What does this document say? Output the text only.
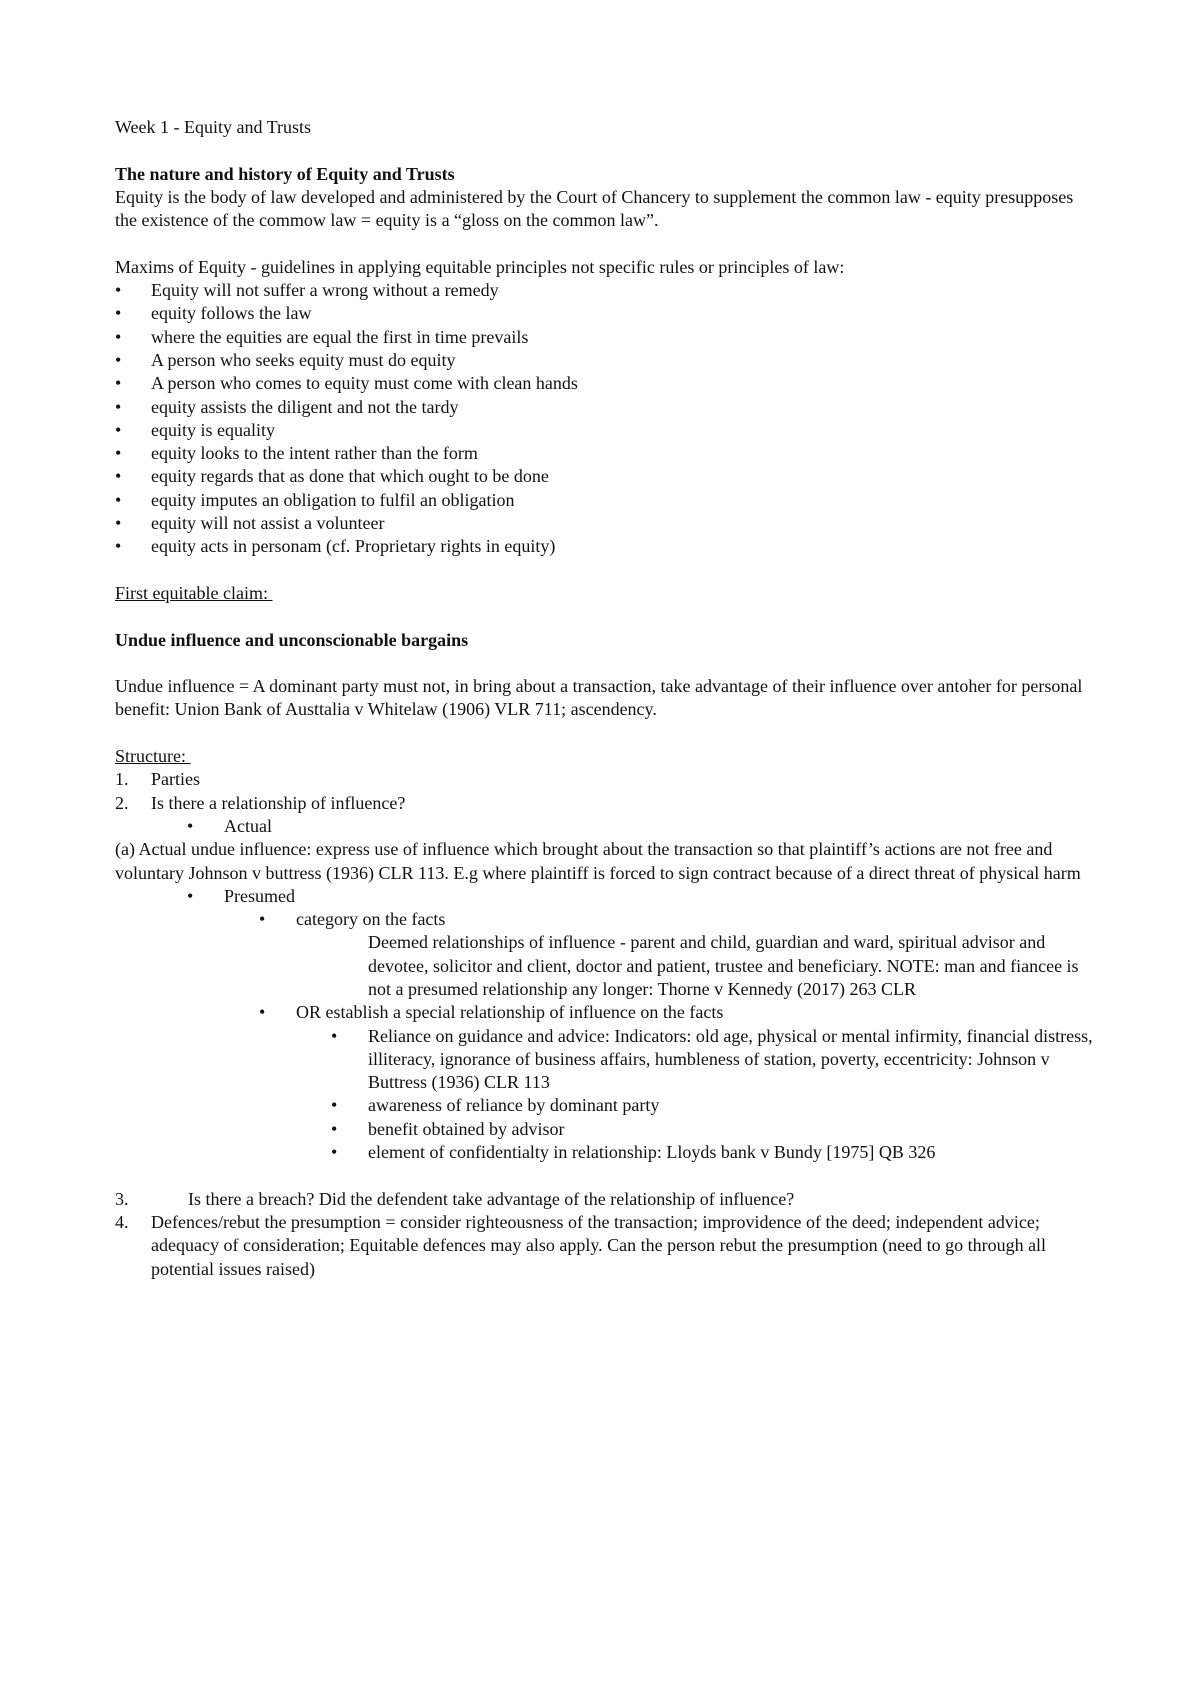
Week 1 - Equity and Trusts

The nature and history of Equity and Trusts

Equity is the body of law developed and administered by the Court of Chancery to supplement the common law - equity presupposes the existence of the commow law = equity is a “gloss on the common law”.

Maxims of Equity - guidelines in applying equitable principles not specific rules or principles of law:

• Equity will not suffer a wrong without a remedy
• equity follows the law
• where the equities are equal the first in time prevails
• A person who seeks equity must do equity
• A person who comes to equity must come with clean hands
• equity assists the diligent and not the tardy
• equity is equality
• equity looks to the intent rather than the form
• equity regards that as done that which ought to be done
• equity imputes an obligation to fulfil an obligation
• equity will not assist a volunteer
• equity acts in personam (cf. Proprietary rights in equity)

First equitable claim:

Undue influence and unconscionable bargains

Undue influence = A dominant party must not, in bring about a transaction, take advantage of their influence over antoher for personal benefit: Union Bank of Austtalia v Whitelaw (1906) VLR 711; ascendency.

Structure:

1. Parties
2. Is there a relationship of influence?
• Actual

(a) Actual undue influence: express use of influence which brought about the transaction so that plaintiff’s actions are not free and voluntary Johnson v buttress (1936) CLR 113. E.g where plaintiff is forced to sign contract because of a direct threat of physical harm

• Presumed
• category on the facts

Deemed relationships of influence - parent and child, guardian and ward, spiritual advisor and devotee, solicitor and client, doctor and patient, trustee and beneficiary. NOTE: man and fiancee is not a presumed relationship any longer: Thorne v Kennedy (2017) 263 CLR

• OR establish a special relationship of influence on the facts
• Reliance on guidance and advice: Indicators: old age, physical or mental infirmity, financial distress, illiteracy, ignorance of business affairs, humbleness of station, poverty, eccentricity: Johnson v Buttress (1936) CLR 113
• awareness of reliance by dominant party
• benefit obtained by advisor
• element of confidentialty in relationship: Lloyds bank v Bundy [1975] QB 326
3.	Is there a breach? Did the defendent take advantage of the relationship of influence?
4. Defences/rebut the presumption = consider righteousness of the transaction; improvidence of the deed; independent advice; adequacy of consideration; Equitable defences may also apply. Can the person rebut the presumption (need to go through all potential issues raised)
